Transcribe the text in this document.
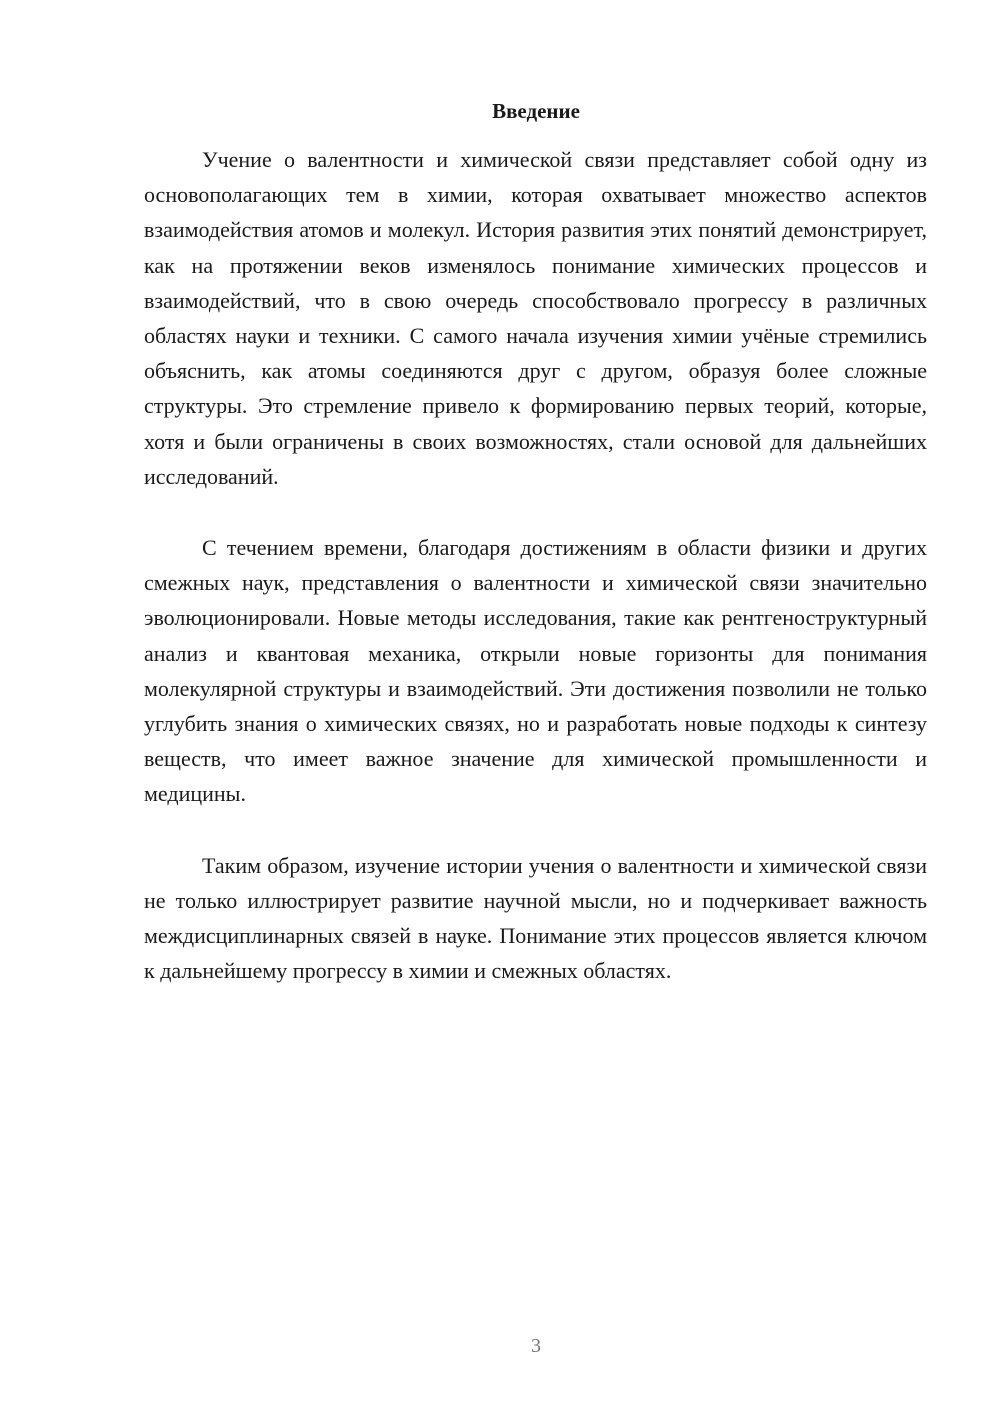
Введение

Учение о валентности и химической связи представляет собой одну из основополагающих тем в химии, которая охватывает множество аспектов взаимодействия атомов и молекул. История развития этих понятий демонстрирует, как на протяжении веков изменялось понимание химических процессов и взаимодействий, что в свою очередь способствовало прогрессу в различных областях науки и техники. С самого начала изучения химии учёные стремились объяснить, как атомы соединяются друг с другом, образуя более сложные структуры. Это стремление привело к формированию первых теорий, которые, хотя и были ограничены в своих возможностях, стали основой для дальнейших исследований.

С течением времени, благодаря достижениям в области физики и других смежных наук, представления о валентности и химической связи значительно эволюционировали. Новые методы исследования, такие как рентгеноструктурный анализ и квантовая механика, открыли новые горизонты для понимания молекулярной структуры и взаимодействий. Эти достижения позволили не только углубить знания о химических связях, но и разработать новые подходы к синтезу веществ, что имеет важное значение для химической промышленности и медицины.

Таким образом, изучение истории учения о валентности и химической связи не только иллюстрирует развитие научной мысли, но и подчеркивает важность междисциплинарных связей в науке. Понимание этих процессов является ключом к дальнейшему прогрессу в химии и смежных областях.

3
